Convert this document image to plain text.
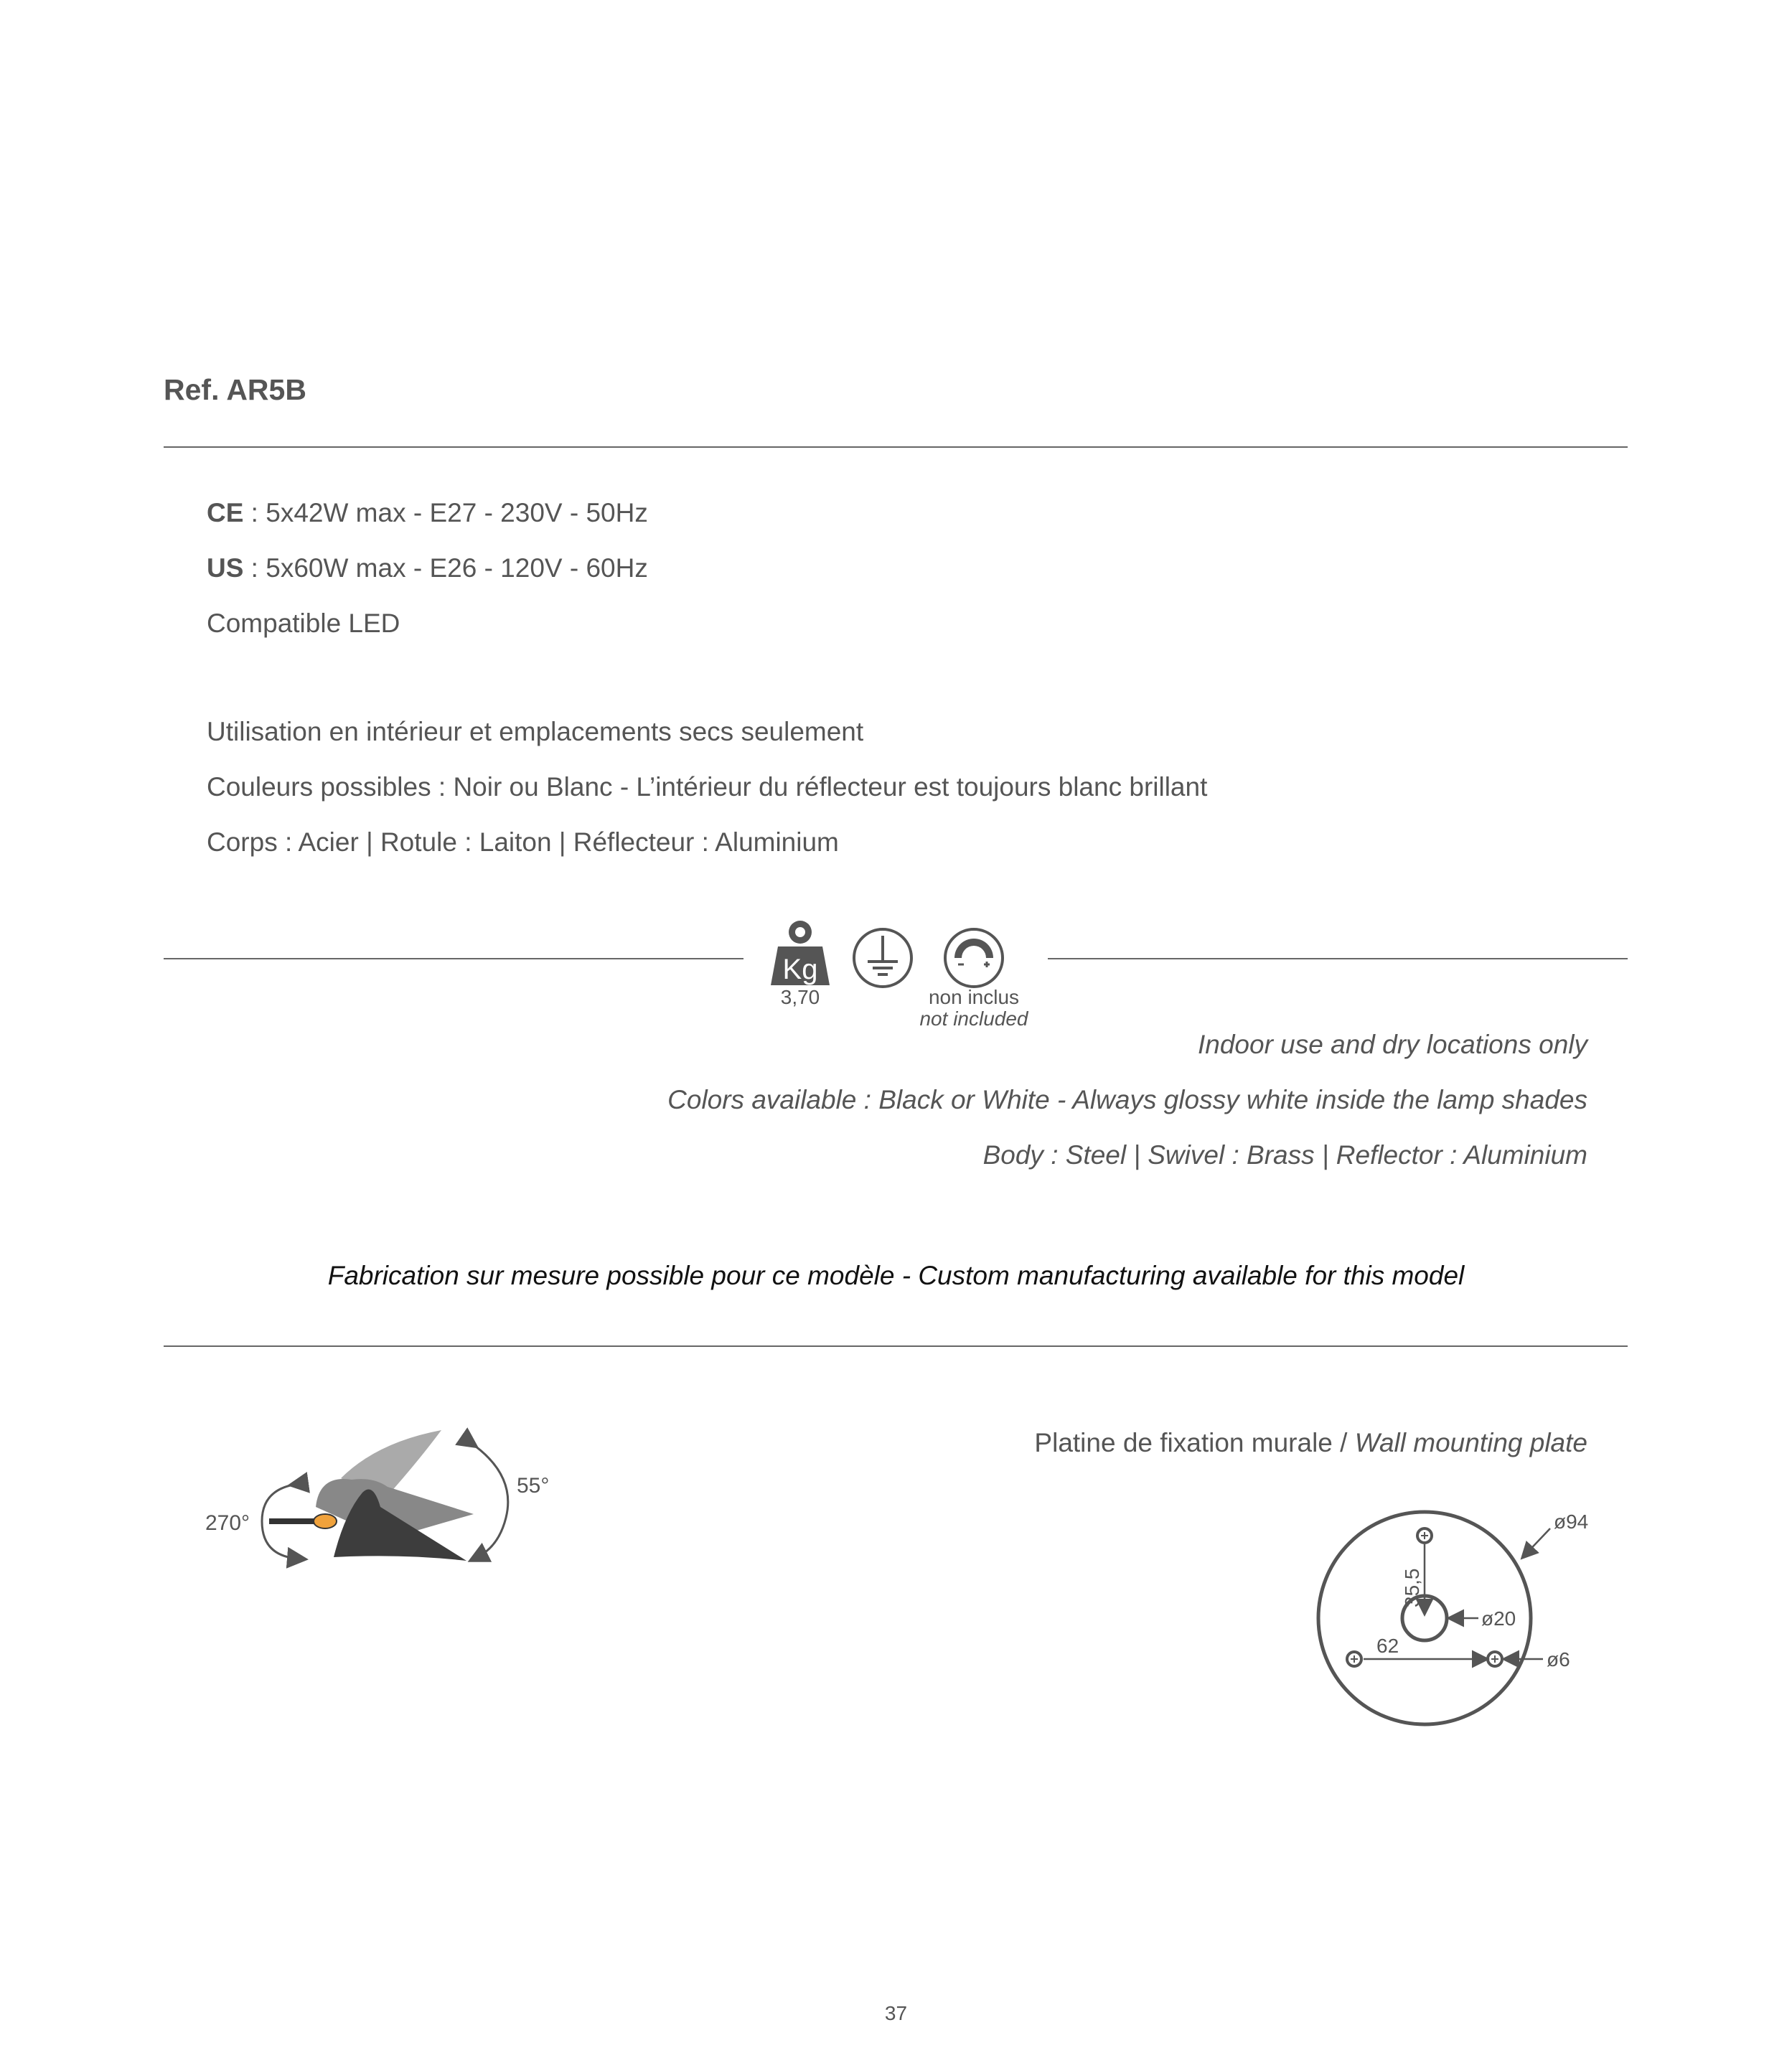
Ref. AR5B
CE : 5x42W max - E27 - 230V - 50Hz
US : 5x60W max - E26 - 120V - 60Hz
Compatible LED
Utilisation en intérieur et emplacements secs seulement
Couleurs possibles : Noir ou Blanc - L’intérieur du réflecteur est toujours blanc brillant
Corps : Acier | Rotule : Laiton | Réflecteur : Aluminium
Kg
3,70	non inclus
not included
Indoor use and dry locations only
Colors available : Black or White - Always glossy white inside the lamp shades
Body : Steel | Swivel : Brass | Reflector : Aluminium
Fabrication sur mesure possible pour ce modèle - Custom manufacturing available for this model
270°
55°
Platine de fixation murale / Wall mounting plate
ø94
ø20
ø6
62
35,5
37
